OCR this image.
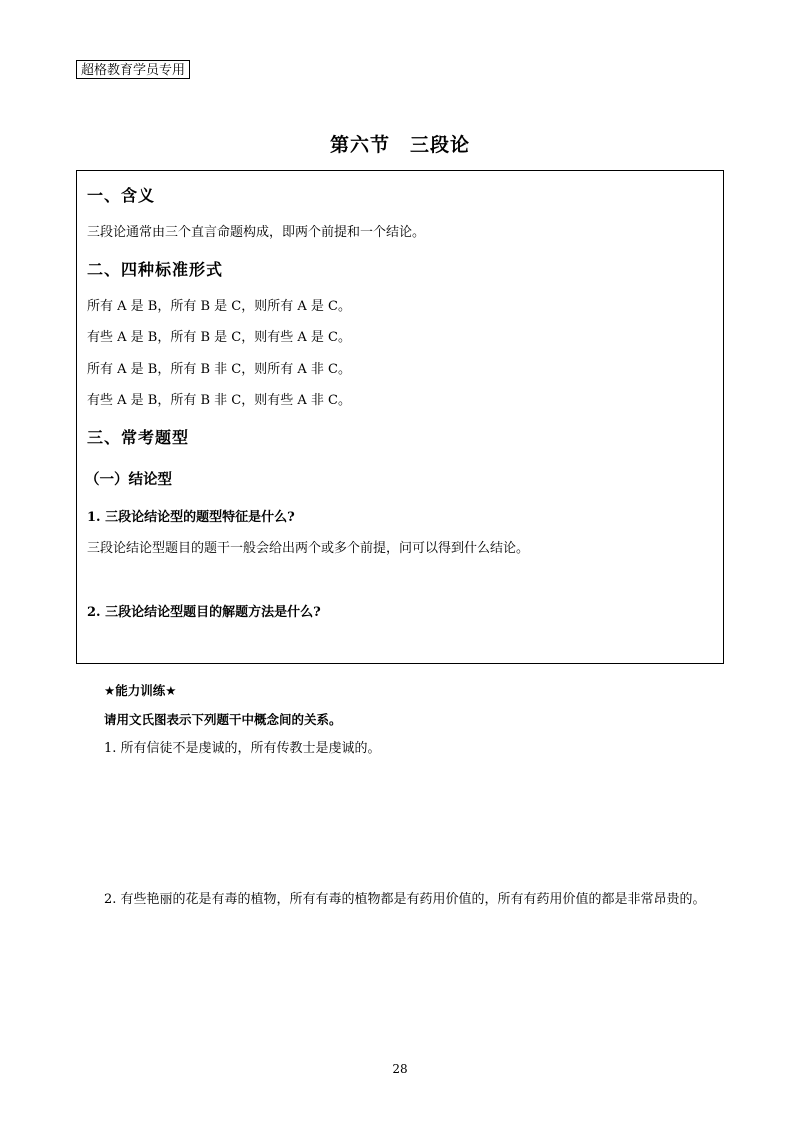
超格教育学员专用
第六节　三段论
一、含义
三段论通常由三个直言命题构成，即两个前提和一个结论。
二、四种标准形式
所有 A 是 B，所有 B 是 C，则所有 A 是 C。
有些 A 是 B，所有 B 是 C，则有些 A 是 C。
所有 A 是 B，所有 B 非 C，则所有 A 非 C。
有些 A 是 B，所有 B 非 C，则有些 A 非 C。
三、常考题型
（一）结论型
1. 三段论结论型的题型特征是什么?
三段论结论型题目的题干一般会给出两个或多个前提，问可以得到什么结论。
2. 三段论结论型题目的解题方法是什么?
★能力训练★
请用文氏图表示下列题干中概念间的关系。
1. 所有信徒不是虔诚的，所有传教士是虔诚的。
2. 有些艳丽的花是有毒的植物，所有有毒的植物都是有药用价值的，所有有药用价值的都是非常昂贵的。
28
